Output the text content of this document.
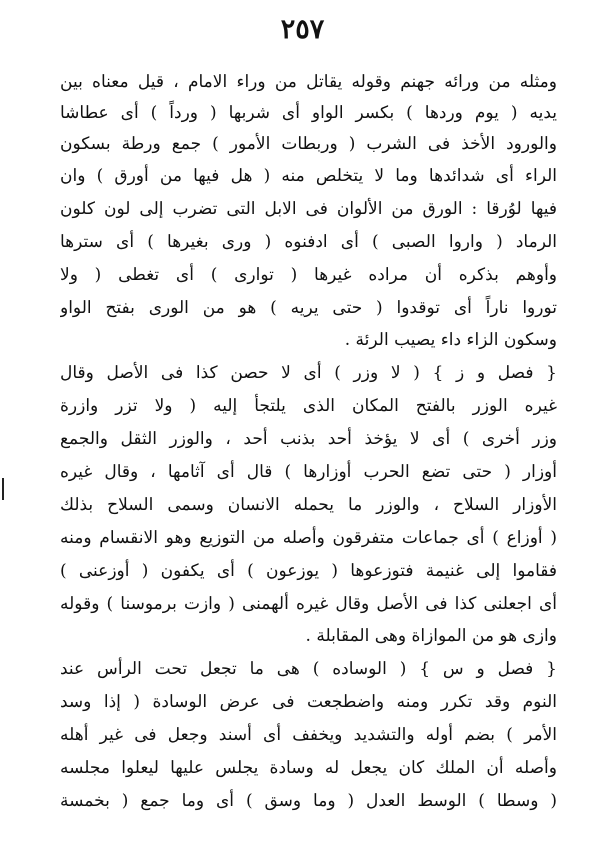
٢٥٧
ومثله من ورائه جهنم وقوله يقاتل من وراء الامام ، قيل معناه بين
يديه ( يوم وردها ) بكسر الواو أى شربها ( ورداً ) أى عطاشا
والورود الأخذ فى الشرب ( وربطات الأمور ) جمع ورطة بسكون
الراء أى شدائدها وما لا يتخلص منه ( هل فيها من أورق ) وان
فيها لوُرقا : الورق من الألوان فى الابل التى تضرب إلى لون كلون
الرماد ( واروا الصبى ) أى ادفنوه ( ورى بغيرها ) أى سترها
وأوهم بذكره أن مراده غيرها ( توارى ) أى تغطى ( ولا
توروا ناراً أى توقدوا ( حتى يريه ) هو من الورى بفتح الواو
وسكون الزاء داء يصيب الرئة .
{ فصل و ز } ( لا وزر ) أى لا حصن كذا فى الأصل وقال
غيره الوزر بالفتح المكان الذى يلتجأ إليه ( ولا تزر وازرة
وزر أخرى ) أى لا يؤخذ أحد بذنب أحد ، والوزر الثقل والجمع
أوزار ( حتى تضع الحرب أوزارها ) قال أى آثامها ، وقال غيره
الأوزار السلاح ، والوزر ما يحمله الانسان وسمى السلاح بذلك
( أوزاع ) أى جماعات متفرقون وأصله من التوزيع وهو الانقسام ومنه
فقاموا إلى غنيمة فتوزعوها ( يوزعون ) أى يكفون ( أوزعنى )
أى اجعلنى كذا فى الأصل وقال غيره ألهمنى ( وازت برموسنا ) وقوله
وازى هو من الموازاة وهى المقابلة .
{ فصل و س } ( الوساده ) هى ما تجعل تحت الرأس عند
النوم وقد تكرر ومنه واضطجعت فى عرض الوسادة ( إذا وسد
الأمر ) بضم أوله والتشديد ويخفف أى أسند وجعل فى غير أهله
وأصله أن الملك كان يجعل له وسادة يجلس عليها ليعلوا مجلسه
( وسطا ) الوسط العدل ( وما وسق ) أى وما جمع ( بخمسة
